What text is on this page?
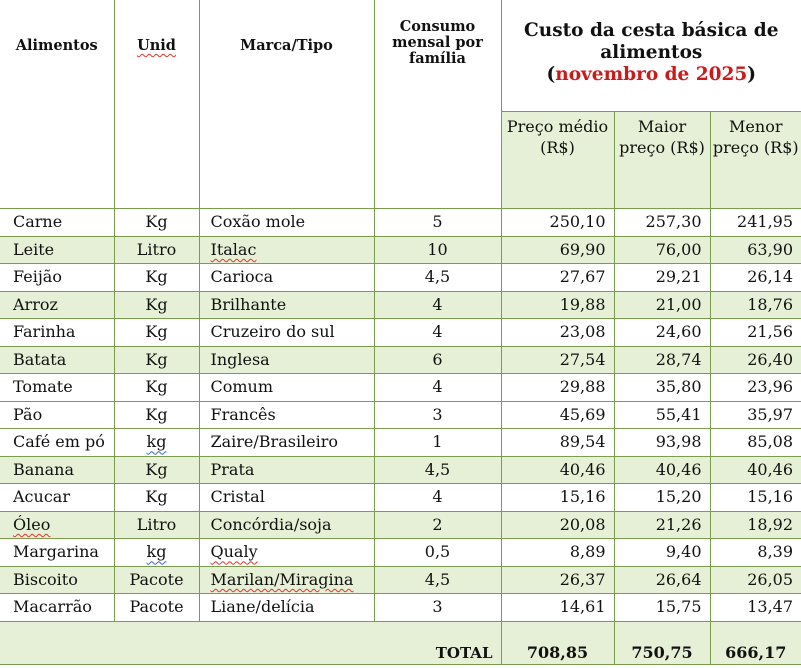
Alimentos	Unid	Marca/Tipo	Consumo mensal por família	Custo da cesta básica de alimentos
(novembro de 2025)		

				Preço médio (R$)	Maior preço (R$)	Menor preço (R$)
Carne	Kg	Coxão mole	5	250,10	257,30	241,95
Leite	Litro	Italac	10	69,90	76,00	63,90
Feijão	Kg	Carioca	4,5	27,67	29,21	26,14
Arroz	Kg	Brilhante	4	19,88	21,00	18,76
Farinha	Kg	Cruzeiro do sul	4	23,08	24,60	21,56
Batata	Kg	Inglesa	6	27,54	28,74	26,40
Tomate	Kg	Comum	4	29,88	35,80	23,96
Pão	Kg	Francês	3	45,69	55,41	35,97
Café em pó	kg	Zaire/Brasileiro	1	89,54	93,98	85,08
Banana	Kg	Prata	4,5	40,46	40,46	40,46
Acucar	Kg	Cristal	4	15,16	15,20	15,16
Óleo	Litro	Concórdia/soja	2	20,08	21,26	18,92
Margarina	kg	Qualy	0,5	8,89	9,40	8,39
Biscoito	Pacote	Marilan/Miragina	4,5	26,37	26,64	26,05
Macarrão	Pacote	Liane/delícia	3	14,61	15,75	13,47
TOTAL				708,85	750,75	666,17
